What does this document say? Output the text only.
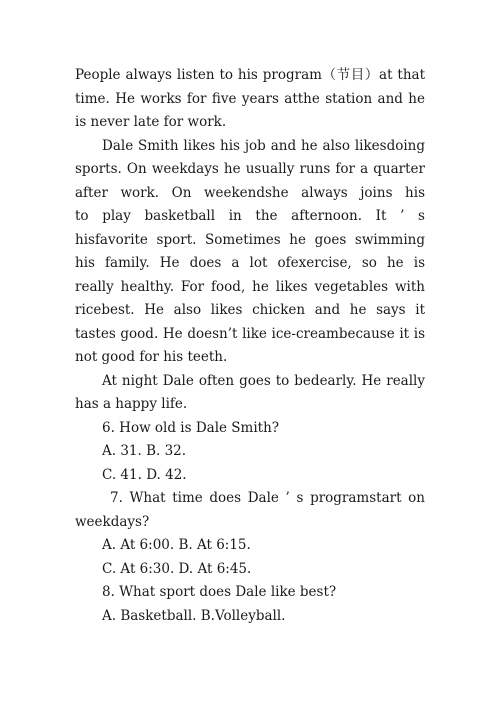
People always listen to his program（节目）at that
time. He works for five years atthe station and he
is never late for work.
Dale Smith likes his job and he also likesdoing
sports. On weekdays he usually runs for a quarter
after work. On weekendshe always joins his
to play basketball in the afternoon. It ’ s
hisfavorite sport. Sometimes he goes swimming
his family. He does a lot ofexercise, so he is
really healthy. For food, he likes vegetables with
ricebest. He also likes chicken and he says it
tastes good. He doesn’t like ice-creambecause it is
not good for his teeth.
At night Dale often goes to bedearly. He really
has a happy life.
6. How old is Dale Smith?
A. 31. B. 32.
C. 41. D. 42.
7. What time does Dale ’ s programstart on
weekdays?
A. At 6:00. B. At 6:15.
C. At 6:30. D. At 6:45.
8. What sport does Dale like best?
A. Basketball. B.Volleyball.
